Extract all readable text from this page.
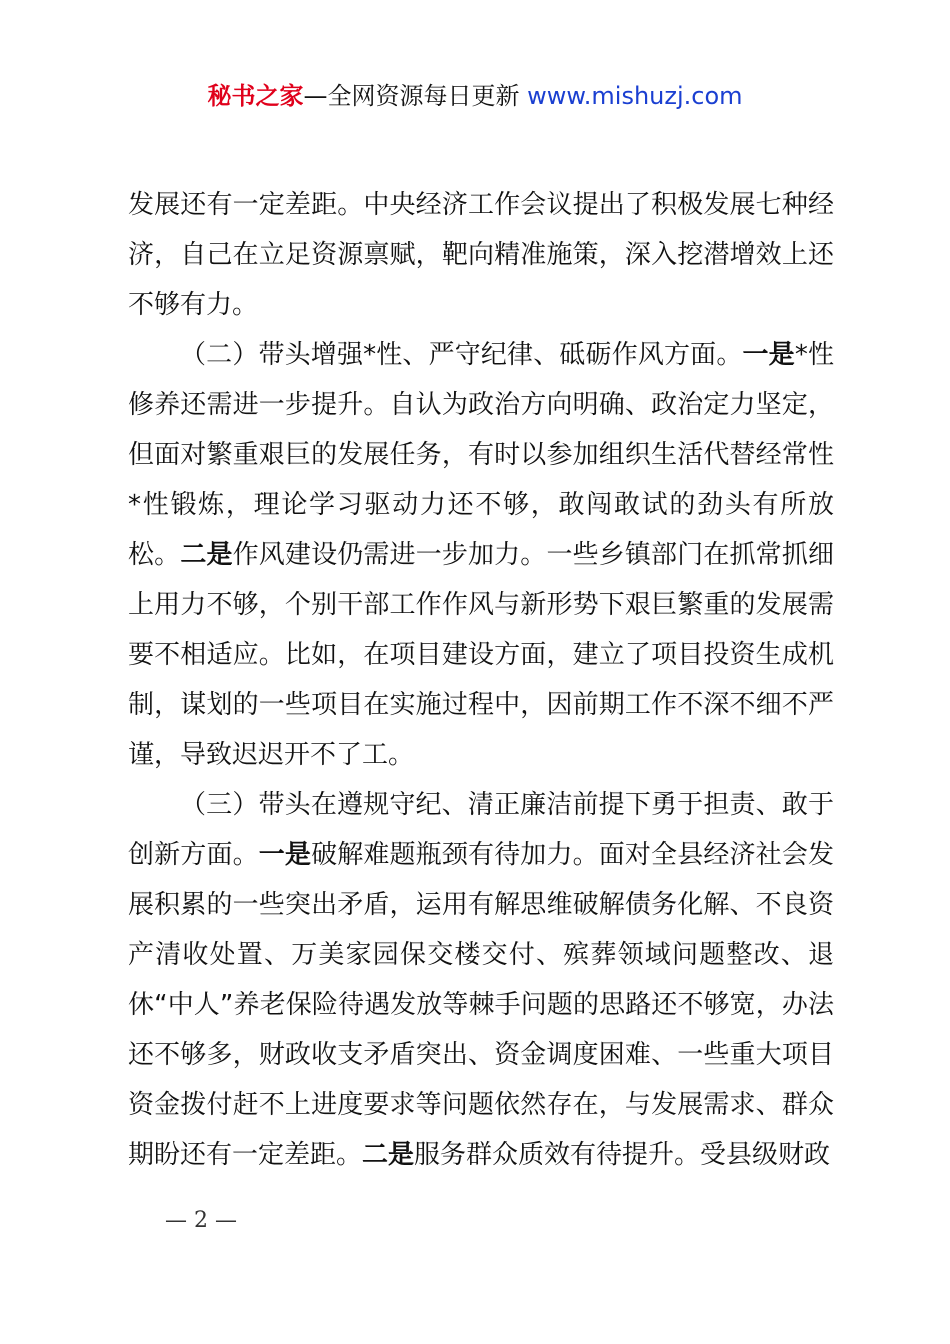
秘书之家—全网资源每日更新 www.mishuzj.com

发展还有一定差距。中央经济工作会议提出了积极发展七种经济，自己在立足资源禀赋，靶向精准施策，深入挖潜增效上还不够有力。

（二）带头增强*性、严守纪律、砥砺作风方面。一是*性修养还需进一步提升。自认为政治方向明确、政治定力坚定，但面对繁重艰巨的发展任务，有时以参加组织生活代替经常性*性锻炼，理论学习驱动力还不够，敢闯敢试的劲头有所放松。二是作风建设仍需进一步加力。一些乡镇部门在抓常抓细上用力不够，个别干部工作作风与新形势下艰巨繁重的发展需要不相适应。比如，在项目建设方面，建立了项目投资生成机制，谋划的一些项目在实施过程中，因前期工作不深不细不严谨，导致迟迟开不了工。

（三）带头在遵规守纪、清正廉洁前提下勇于担责、敢于创新方面。一是破解难题瓶颈有待加力。面对全县经济社会发展积累的一些突出矛盾，运用有解思维破解债务化解、不良资产清收处置、万美家园保交楼交付、殡葬领域问题整改、退休“中人”养老保险待遇发放等棘手问题的思路还不够宽，办法还不够多，财政收支矛盾突出、资金调度困难、一些重大项目资金拨付赶不上进度要求等问题依然存在，与发展需求、群众期盼还有一定差距。二是服务群众质效有待提升。受县级财政

— 2 —
